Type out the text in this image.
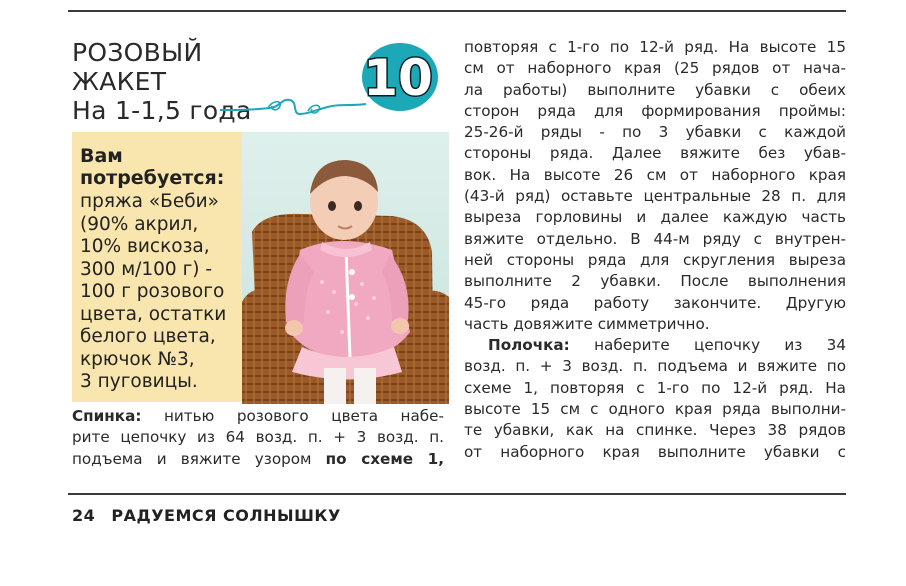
РОЗОВЫЙ
ЖАКЕТ
На 1-1,5 года
10
Вам
потребуется:
пряжа «Беби»
(90% акрил,
10% вискоза,
300 м/100 г) -
100 г розового
цвета, остатки
белого цвета,
крючок №3,
3 пуговицы.
Спинка: нитью розового цвета набе-
рите цепочку из 64 возд. п. + 3 возд. п.
подъема и вяжите узором по схеме 1,
повторяя с 1-го по 12-й ряд. На высоте 15
см от наборного края (25 рядов от нача-
ла работы) выполните убавки с обеих
сторон ряда для формирования проймы:
25-26-й ряды - по 3 убавки с каждой
стороны ряда. Далее вяжите без убав-
вок. На высоте 26 см от наборного края
(43-й ряд) оставьте центральные 28 п. для
выреза горловины и далее каждую часть
вяжите отдельно. В 44-м ряду с внутрен-
ней стороны ряда для скругления выреза
выполните 2 убавки. После выполнения
45-го ряда работу закончите. Другую
часть довяжите симметрично.
Полочка: наберите цепочку из 34
возд. п. + 3 возд. п. подъема и вяжите по
схеме 1, повторяя с 1-го по 12-й ряд. На
высоте 15 см с одного края ряда выполни-
те убавки, как на спинке. Через 38 рядов
от наборного края выполните убавки с
24 РАДУЕМСЯ СОЛНЫШКУ
